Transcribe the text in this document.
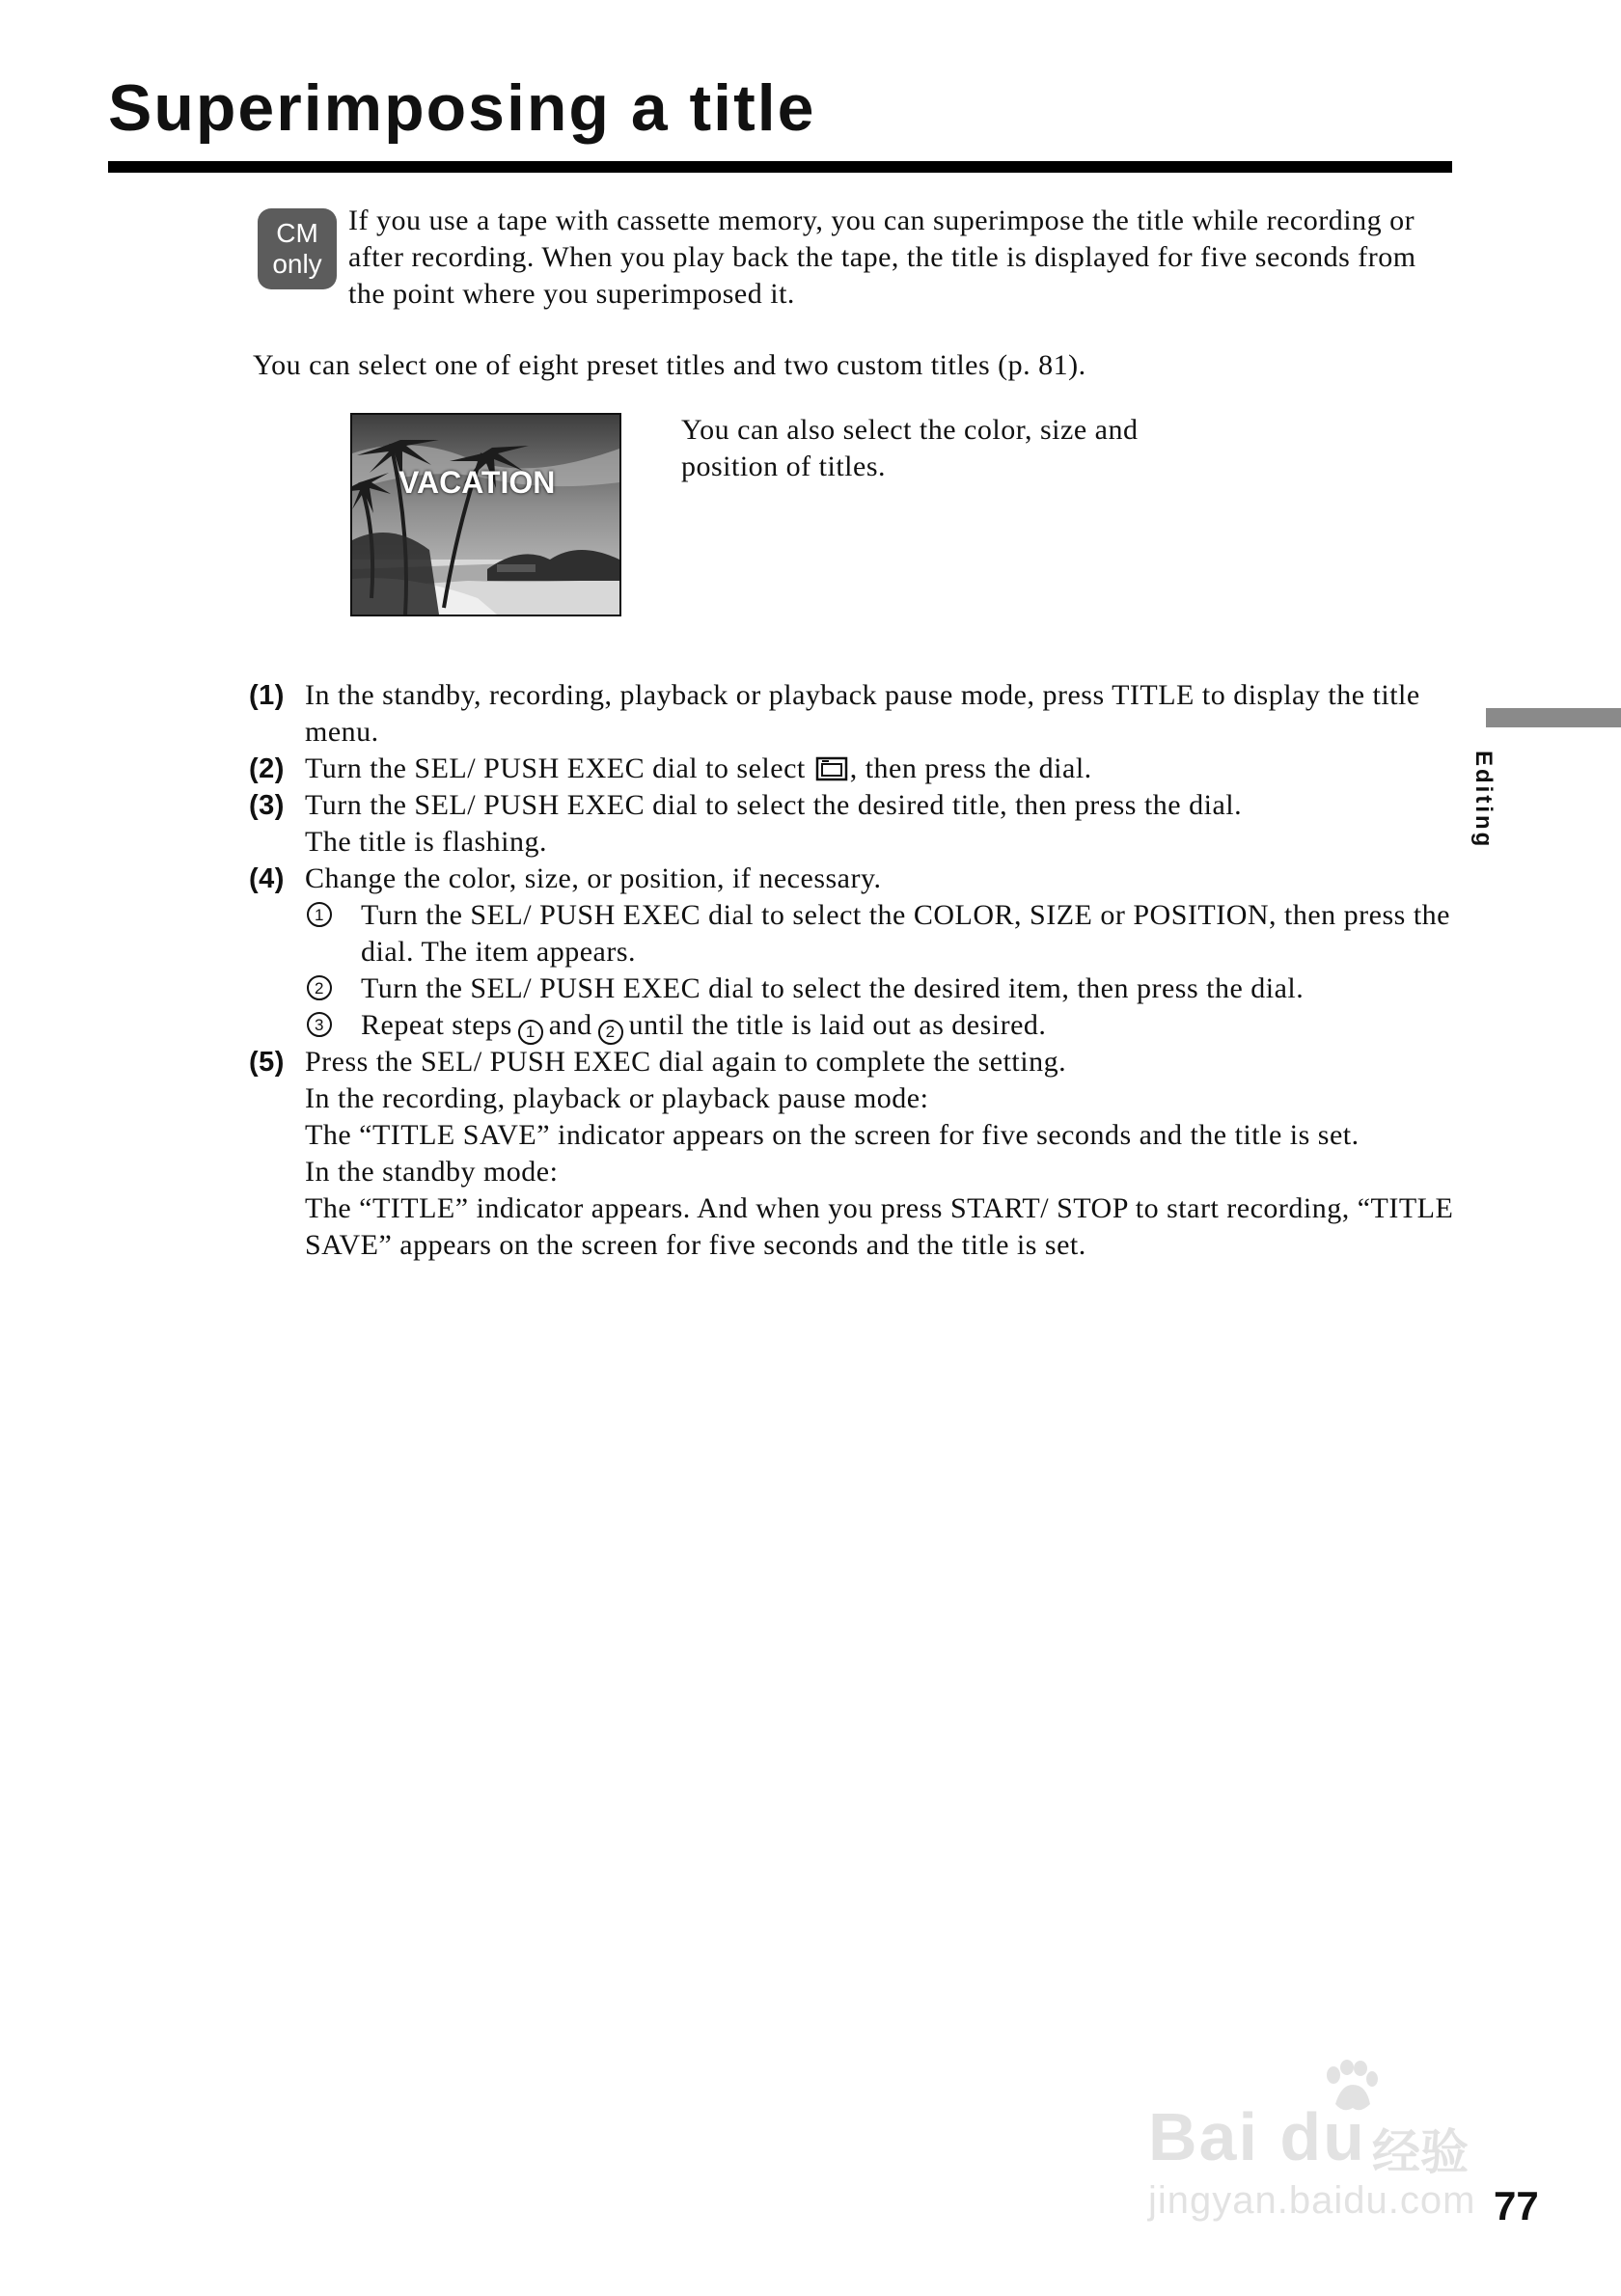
Superimposing a title
CM
only

If you use a tape with cassette memory, you can superimpose the title while recording or after recording. When you play back the tape, the title is displayed for five seconds from the point where you superimposed it.

You can select one of eight preset titles and two custom titles (p. 81).

VACATION

You can also select the color, size and position of titles.

(1) In the standby, recording, playback or playback pause mode, press TITLE to display the title menu.
(2) Turn the SEL/ PUSH EXEC dial to select , then press the dial.
(3) Turn the SEL/ PUSH EXEC dial to select the desired title, then press the dial.
The title is flashing.
(4) Change the color, size, or position, if necessary.
1 Turn the SEL/ PUSH EXEC dial to select the COLOR, SIZE or POSITION, then press the dial. The item appears.
2 Turn the SEL/ PUSH EXEC dial to select the desired item, then press the dial.
3 Repeat steps 1 and 2 until the title is laid out as desired.
(5) Press the SEL/ PUSH EXEC dial again to complete the setting.
In the recording, playback or playback pause mode:
The “TITLE SAVE” indicator appears on the screen for five seconds and the title is set.
In the standby mode:
The “TITLE” indicator appears. And when you press START/ STOP to start recording, “TITLE SAVE” appears on the screen for five seconds and the title is set.
Editing
Bai du 经验
jingyan.baidu.com 77
